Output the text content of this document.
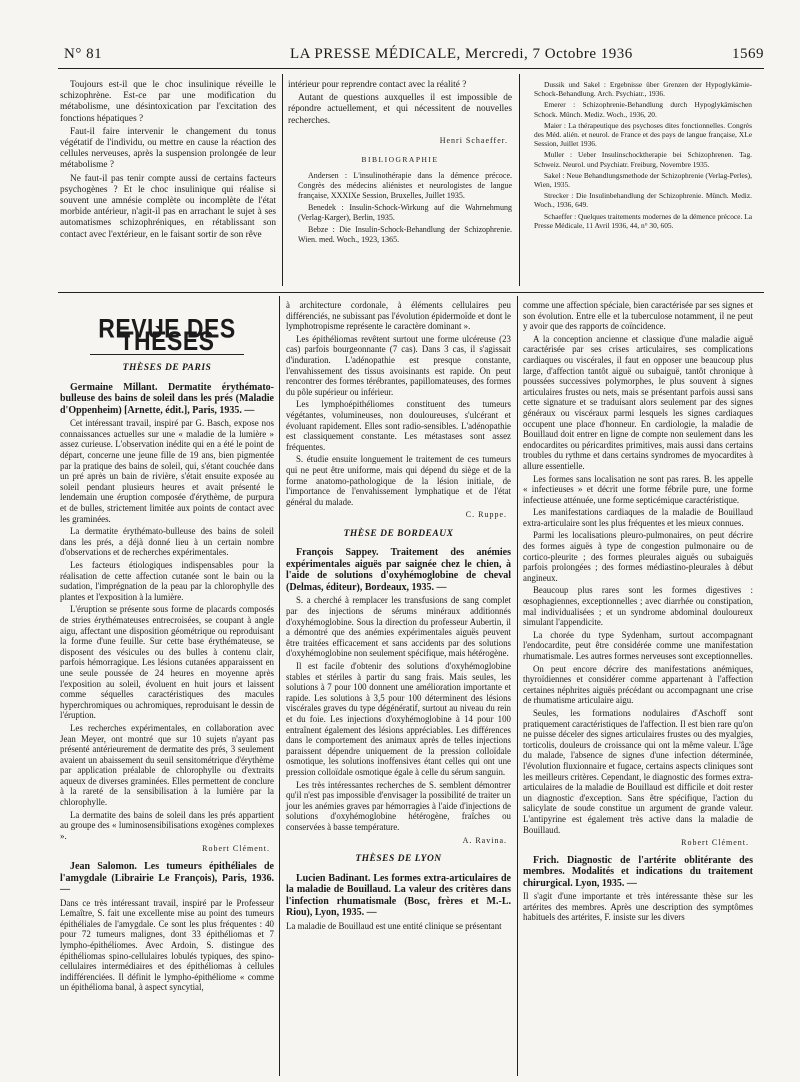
N° 81	LA PRESSE MÉDICALE, Mercredi, 7 Octobre 1936	1569

Toujours est-il que le choc insulinique réveille le schizophrène. Est-ce par une modification du métabolisme, une désintoxication par l'excitation des fonctions hépatiques ?

Faut-il faire intervenir le changement du tonus végétatif de l'individu, ou mettre en cause la réaction des cellules nerveuses, après la suspension prolongée de leur métabolisme ?

Ne faut-il pas tenir compte aussi de certains facteurs psychogènes ? Et le choc insulinique qui réalise si souvent une amnésie complète ou incomplète de l'état morbide antérieur, n'agit-il pas en arrachant le sujet à ses automatismes schizophréniques, en rétablissant son contact avec l'extérieur, en le faisant sortir de son rêve

intérieur pour reprendre contact avec la réalité ?

Autant de questions auxquelles il est impossible de répondre actuellement, et qui nécessitent de nouvelles recherches.

Henri Schaeffer.
BIBLIOGRAPHIE

Andersen : L'insulinothérapie dans la démence précoce. Congrès des médecins aliénistes et neurologistes de langue française, XXXIXe Session, Bruxelles, Juillet 1935.

Benedek : Insulin-Schock-Wirkung auf die Wahrnehmung (Verlag-Karger), Berlin, 1935.

Bebze : Die Insulin-Schock-Behandlung der Schizophrenie. Wien. med. Woch., 1923, 1365.

Dussik und Sakel : Ergebnisse über Grenzen der Hypoglykämie-Schock-Behandlung. Arch. Psychiatr., 1936.

Emerer : Schizophrenie-Behandlung durch Hypoglykämischen Schock. Münch. Mediz. Woch., 1936, 20.

Maier : La thérapeutique des psychoses dites fonctionnelles. Congrès des Méd. alién. et neurol. de France et des pays de langue française, XLe Session, Juillet 1936.

Muller : Ueber Insulinschocktherapie bei Schizophrenen. Tag. Schweiz. Neurol. und Psychiatr. Freiburg, Novembre 1935.

Sakel : Neue Behandlungsmethode der Schizophrenie (Verlag-Perles), Wien, 1935.

Strecker : Die Insulinbehandlung der Schizophrenie. Münch. Mediz. Woch., 1936, 649.

Schaeffer : Quelques traitements modernes de la démence précoce. La Presse Médicale, 11 Avril 1936, 44, n° 30, 605.

REVUE DES THÈSES
THÈSES DE PARIS

Germaine Millant. Dermatite érythémato-bulleuse des bains de soleil dans les prés (Maladie d'Oppenheim) [Arnette, édit.], Paris, 1935. —

Cet intéressant travail, inspiré par G. Basch, expose nos connaissances actuelles sur une « maladie de la lumière » assez curieuse. L'observation inédite qui en a été le point de départ, concerne une jeune fille de 19 ans, bien pigmentée par la pratique des bains de soleil, qui, s'étant couchée dans un pré après un bain de rivière, s'était ensuite exposée au soleil pendant plusieurs heures et avait présenté le lendemain une éruption composée d'érythème, de purpura et de bulles, strictement limitée aux points de contact avec les graminées.

La dermatite érythémato-bulleuse des bains de soleil dans les prés, a déjà donné lieu à un certain nombre d'observations et de recherches expérimentales.

Les facteurs étiologiques indispensables pour la réalisation de cette affection cutanée sont le bain ou la sudation, l'imprégnation de la peau par la chlorophylle des plantes et l'exposition à la lumière.

L'éruption se présente sous forme de placards composés de stries érythémateuses entrecroisées, se coupant à angle aigu, affectant une disposition géométrique ou reproduisant la forme d'une feuille. Sur cette base érythémateuse, se disposent des vésicules ou des bulles à contenu clair, parfois hémorragique. Les lésions cutanées apparaissent en une seule poussée de 24 heures en moyenne après l'exposition au soleil, évoluent en huit jours et laissent comme séquelles caractéristiques des macules hyperchromiques ou achromiques, reproduisant le dessin de l'éruption.

Les recherches expérimentales, en collaboration avec Jean Meyer, ont montré que sur 10 sujets n'ayant pas présenté antérieurement de dermatite des prés, 3 seulement avaient un abaissement du seuil sensitométrique d'érythème par application préalable de chlorophylle ou d'extraits aqueux de diverses graminées. Elles permettent de conclure à la rareté de la sensibilisation à la lumière par la chlorophylle.

La dermatite des bains de soleil dans les prés appartient au groupe des « luminosensibilisations exogènes complexes ».

Robert Clément.

Jean Salomon. Les tumeurs épithéliales de l'amygdale (Librairie Le François), Paris, 1936. —

Dans ce très intéressant travail, inspiré par le Professeur Lemaître, S. fait une excellente mise au point des tumeurs épithéliales de l'amygdale. Ce sont les plus fréquentes : 40 pour 72 tumeurs malignes, dont 33 épithéliomas et 7 lympho-épithéliomes. Avec Ardoin, S. distingue des épithéliomas spino-cellulaires lobulés typiques, des spino-cellulaires intermédiaires et des épithéliomas à cellules indifférenciées. Il définit le lympho-épithéliome « comme un épithélioma banal, à aspect syncytial,

à architecture cordonale, à éléments cellulaires peu différenciés, ne subissant pas l'évolution épidermoïde et dont le lymphotropisme représente le caractère dominant ».

Les épithéliomas revêtent surtout une forme ulcéreuse (23 cas) parfois bourgeonnante (7 cas). Dans 3 cas, il s'agissait d'induration. L'adénopathie est presque constante, l'envahissement des tissus avoisinants est rapide. On peut rencontrer des formes térébrantes, papillomateuses, des formes du pôle supérieur ou inférieur.

Les lymphoépithéliomes constituent des tumeurs végétantes, volumineuses, non douloureuses, s'ulcérant et évoluant rapidement. Elles sont radio-sensibles. L'adénopathie est classiquement constante. Les métastases sont assez fréquentes.

S. étudie ensuite longuement le traitement de ces tumeurs qui ne peut être uniforme, mais qui dépend du siège et de la forme anatomo-pathologique de la lésion initiale, de l'importance de l'envahissement lymphatique et de l'état général du malade.

C. Ruppe.
THÈSE DE BORDEAUX

François Sappey. Traitement des anémies expérimentales aiguës par saignée chez le chien, à l'aide de solutions d'oxyhémoglobine de cheval (Delmas, éditeur), Bordeaux, 1935. —

S. a cherché à remplacer les transfusions de sang complet par des injections de sérums minéraux additionnés d'oxyhémoglobine. Sous la direction du professeur Aubertin, il a démontré que des anémies expérimentales aiguës peuvent être traitées efficacement et sans accidents par des solutions d'oxyhémoglobine non seulement spécifique, mais hétérogène.

Il est facile d'obtenir des solutions d'oxyhémoglobine stables et stériles à partir du sang frais. Mais seules, les solutions à 7 pour 100 donnent une amélioration importante et rapide. Les solutions à 3,5 pour 100 déterminent des lésions viscérales graves du type dégénératif, surtout au niveau du rein et du foie. Les injections d'oxyhémoglobine à 14 pour 100 entraînent également des lésions appréciables. Les différences dans le comportement des animaux après de telles injections paraissent dépendre uniquement de la pression colloïdale osmotique, les solutions inoffensives étant celles qui ont une pression colloïdale osmotique égale à celle du sérum sanguin.

Les très intéressantes recherches de S. semblent démontrer qu'il n'est pas impossible d'envisager la possibilité de traiter un jour les anémies graves par hémorragies à l'aide d'injections de solutions d'oxyhémoglobine hétérogène, fraîches ou conservées à basse température.

A. Ravina.
THÈSES DE LYON

Lucien Badinant. Les formes extra-articulaires de la maladie de Bouillaud. La valeur des critères dans l'infection rhumatismale (Bosc, frères et M.-L. Riou), Lyon, 1935. —

La maladie de Bouillaud est une entité clinique se présentant

comme une affection spéciale, bien caractérisée par ses signes et son évolution. Entre elle et la tuberculose notamment, il ne peut y avoir que des rapports de coïncidence.

A la conception ancienne et classique d'une maladie aiguë caractérisée par ses crises articulaires, ses complications cardiaques ou viscérales, il faut en opposer une beaucoup plus large, d'affection tantôt aiguë ou subaiguë, tantôt chronique à poussées successives polymorphes, le plus souvent à signes articulaires frustes ou nets, mais se présentant parfois aussi sans cette signature et se traduisant alors seulement par des signes généraux ou viscéraux parmi lesquels les signes cardiaques occupent une place d'honneur. En cardiologie, la maladie de Bouillaud doit entrer en ligne de compte non seulement dans les endocardites ou péricardites primitives, mais aussi dans certains troubles du rythme et dans certains syndromes de myocardites à allure essentielle.

Les formes sans localisation ne sont pas rares. B. les appelle « infectieuses » et décrit une forme fébrile pure, une forme infectieuse atténuée, une forme septicémique caractéristique.

Les manifestations cardiaques de la maladie de Bouillaud extra-articulaire sont les plus fréquentes et les mieux connues.

Parmi les localisations pleuro-pulmonaires, on peut décrire des formes aiguës à type de congestion pulmonaire ou de cortico-pleurite ; des formes pleurales aiguës ou subaiguës parfois prolongées ; des formes médiastino-pleurales à début angineux.

Beaucoup plus rares sont les formes digestives : œsophagiennes, exceptionnelles ; avec diarrhée ou constipation, mal individualisées ; et un syndrome abdominal douloureux simulant l'appendicite.

La chorée du type Sydenham, surtout accompagnant l'endocardite, peut être considérée comme une manifestation rhumatismale. Les autres formes nerveuses sont exceptionnelles.

On peut encore décrire des manifestations anémiques, thyroïdiennes et considérer comme appartenant à l'affection certaines néphrites aiguës précédant ou accompagnant une crise de rhumatisme articulaire aigu.

Seules, les formations nodulaires d'Aschoff sont pratiquement caractéristiques de l'affection. Il est bien rare qu'on ne puisse déceler des signes articulaires frustes ou des myalgies, torticolis, douleurs de croissance qui ont la même valeur. L'âge du malade, l'absence de signes d'une infection déterminée, l'évolution fluxionnaire et fugace, certains aspects cliniques sont les meilleurs critères. Cependant, le diagnostic des formes extra-articulaires de la maladie de Bouillaud est difficile et doit rester un diagnostic d'exception. Sans être spécifique, l'action du salicylate de soude constitue un argument de grande valeur. L'antipyrine est également très active dans la maladie de Bouillaud.

Robert Clément.

Frich. Diagnostic de l'artérite oblitérante des membres. Modalités et indications du traitement chirurgical. Lyon, 1935. —

Il s'agit d'une importante et très intéressante thèse sur les artérites des membres. Après une description des symptômes habituels des artérites, F. insiste sur les divers
